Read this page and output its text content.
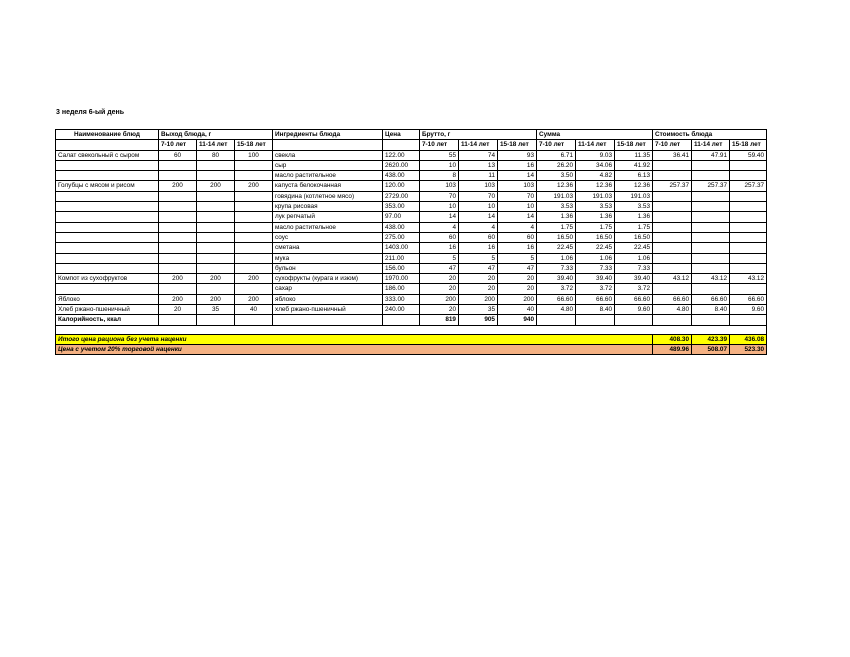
3 неделя 6-ый день
Наименование блюд	Выход блюда, г			Ингредиенты блюда	Цена	Брутто, г			Сумма			Стоимость блюда		
	7-10 лет	11-14 лет	15-18 лет			7-10 лет	11-14 лет	15-18 лет	7-10 лет	11-14 лет	15-18 лет	7-10 лет	11-14 лет	15-18 лет
Салат свекольный с сыром	60	80	100	свекла	122.00	55	74	93	6.71	9.03	11.35	36.41	47.91	59.40
				сыр	2620.00	10	13	16	26.20	34.06	41.92			
				масло растительное	438.00	8	11	14	3.50	4.82	6.13			
Голубцы с мясом и рисом	200	200	200	капуста белокочанная	120.00	103	103	103	12.36	12.36	12.36	257.37	257.37	257.37
				говядина (котлетное мясо)	2729.00	70	70	70	191.03	191.03	191.03			
				крупа рисовая	353.00	10	10	10	3.53	3.53	3.53			
				лук репчатый	97.00	14	14	14	1.36	1.36	1.36			
				масло растительное	438.00	4	4	4	1.75	1.75	1.75			
				соус	275.00	60	60	60	16.50	16.50	16.50			
				сметана	1403.00	16	16	16	22.45	22.45	22.45			
				мука	211.00	5	5	5	1.06	1.06	1.06			
				бульон	156.00	47	47	47	7.33	7.33	7.33			
Компот из сухофруктов	200	200	200	сухофрукты (курага и изюм)	1970.00	20	20	20	39.40	39.40	39.40	43.12	43.12	43.12
				сахар	186.00	20	20	20	3.72	3.72	3.72			
Яблоко	200	200	200	яблоко	333.00	200	200	200	66.60	66.60	66.60	66.60	66.60	66.60
Хлеб ржано-пшеничный	20	35	40	хлеб ржано-пшеничный	240.00	20	35	40	4.80	8.40	9.60	4.80	8.40	9.60
Калорийность, ккал						819	905	940						

Итого цена рациона без учета наценки												408.30	423.39	436.08
Цена с учетом 20% торговой наценки												489.96	508.07	523.30
